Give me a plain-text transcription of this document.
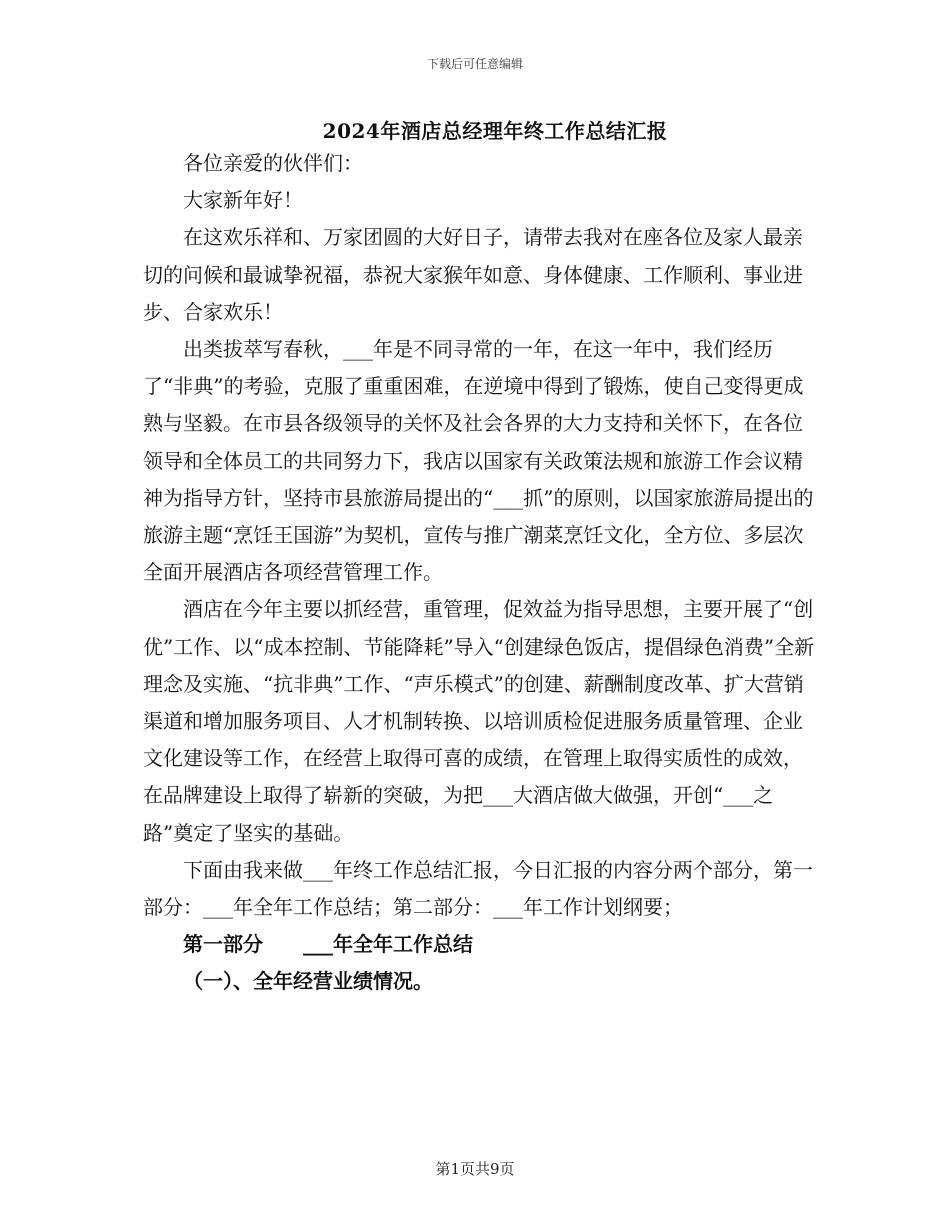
下载后可任意编辑
2024年酒店总经理年终工作总结汇报

各位亲爱的伙伴们：

大家新年好！

在这欢乐祥和、万家团圆的大好日子，请带去我对在座各位及家人最亲切的问候和最诚挚祝福，恭祝大家猴年如意、身体健康、工作顺利、事业进步、合家欢乐！

出类拔萃写春秋，___年是不同寻常的一年，在这一年中，我们经历了“非典”的考验，克服了重重困难，在逆境中得到了锻炼，使自己变得更成熟与坚毅。在市县各级领导的关怀及社会各界的大力支持和关怀下，在各位领导和全体员工的共同努力下，我店以国家有关政策法规和旅游工作会议精神为指导方针，坚持市县旅游局提出的“___抓”的原则，以国家旅游局提出的旅游主题“烹饪王国游”为契机，宣传与推广潮菜烹饪文化，全方位、多层次全面开展酒店各项经营管理工作。

酒店在今年主要以抓经营，重管理，促效益为指导思想，主要开展了“创优”工作、以“成本控制、节能降耗”导入“创建绿色饭店，提倡绿色消费”全新理念及实施、“抗非典”工作、“声乐模式”的创建、薪酬制度改革、扩大营销渠道和增加服务项目、人才机制转换、以培训质检促进服务质量管理、企业文化建设等工作，在经营上取得可喜的成绩，在管理上取得实质性的成效，在品牌建设上取得了崭新的突破，为把___大酒店做大做强，开创“___之路”奠定了坚实的基础。

下面由我来做___年终工作总结汇报，今日汇报的内容分两个部分，第一部分：___年全年工作总结；第二部分：___年工作计划纲要；

第一部分　　___年全年工作总结

（一）、全年经营业绩情况。

第1页共9页
